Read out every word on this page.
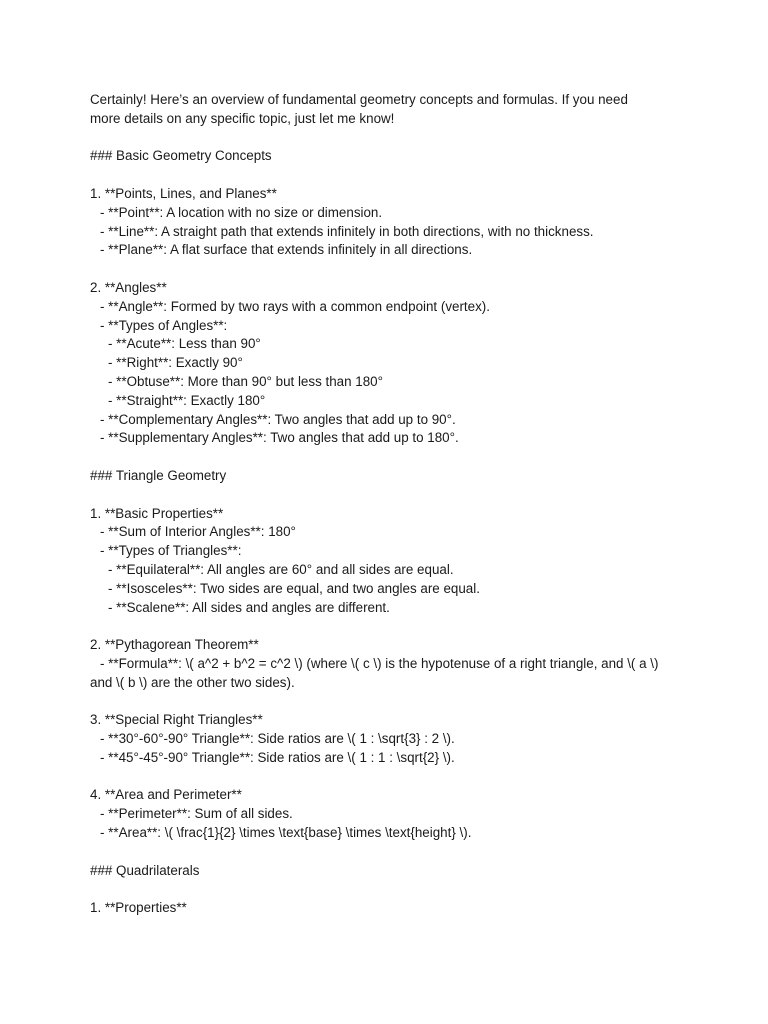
Certainly! Here’s an overview of fundamental geometry concepts and formulas. If you need

more details on any specific topic, just let me know!

### Basic Geometry Concepts

1. **Points, Lines, and Planes**

- **Point**: A location with no size or dimension.

- **Line**: A straight path that extends infinitely in both directions, with no thickness.

- **Plane**: A flat surface that extends infinitely in all directions.

2. **Angles**

- **Angle**: Formed by two rays with a common endpoint (vertex).

- **Types of Angles**:

- **Acute**: Less than 90°

- **Right**: Exactly 90°

- **Obtuse**: More than 90° but less than 180°

- **Straight**: Exactly 180°

- **Complementary Angles**: Two angles that add up to 90°.

- **Supplementary Angles**: Two angles that add up to 180°.

### Triangle Geometry

1. **Basic Properties**

- **Sum of Interior Angles**: 180°

- **Types of Triangles**:

- **Equilateral**: All angles are 60° and all sides are equal.

- **Isosceles**: Two sides are equal, and two angles are equal.

- **Scalene**: All sides and angles are different.

2. **Pythagorean Theorem**

- **Formula**: \( a^2 + b^2 = c^2 \) (where \( c \) is the hypotenuse of a right triangle, and \( a \)

and \( b \) are the other two sides).

3. **Special Right Triangles**

- **30°-60°-90° Triangle**: Side ratios are \( 1 : \sqrt{3} : 2 \).

- **45°-45°-90° Triangle**: Side ratios are \( 1 : 1 : \sqrt{2} \).

4. **Area and Perimeter**

- **Perimeter**: Sum of all sides.

- **Area**: \( \frac{1}{2} \times \text{base} \times \text{height} \).

### Quadrilaterals

1. **Properties**
